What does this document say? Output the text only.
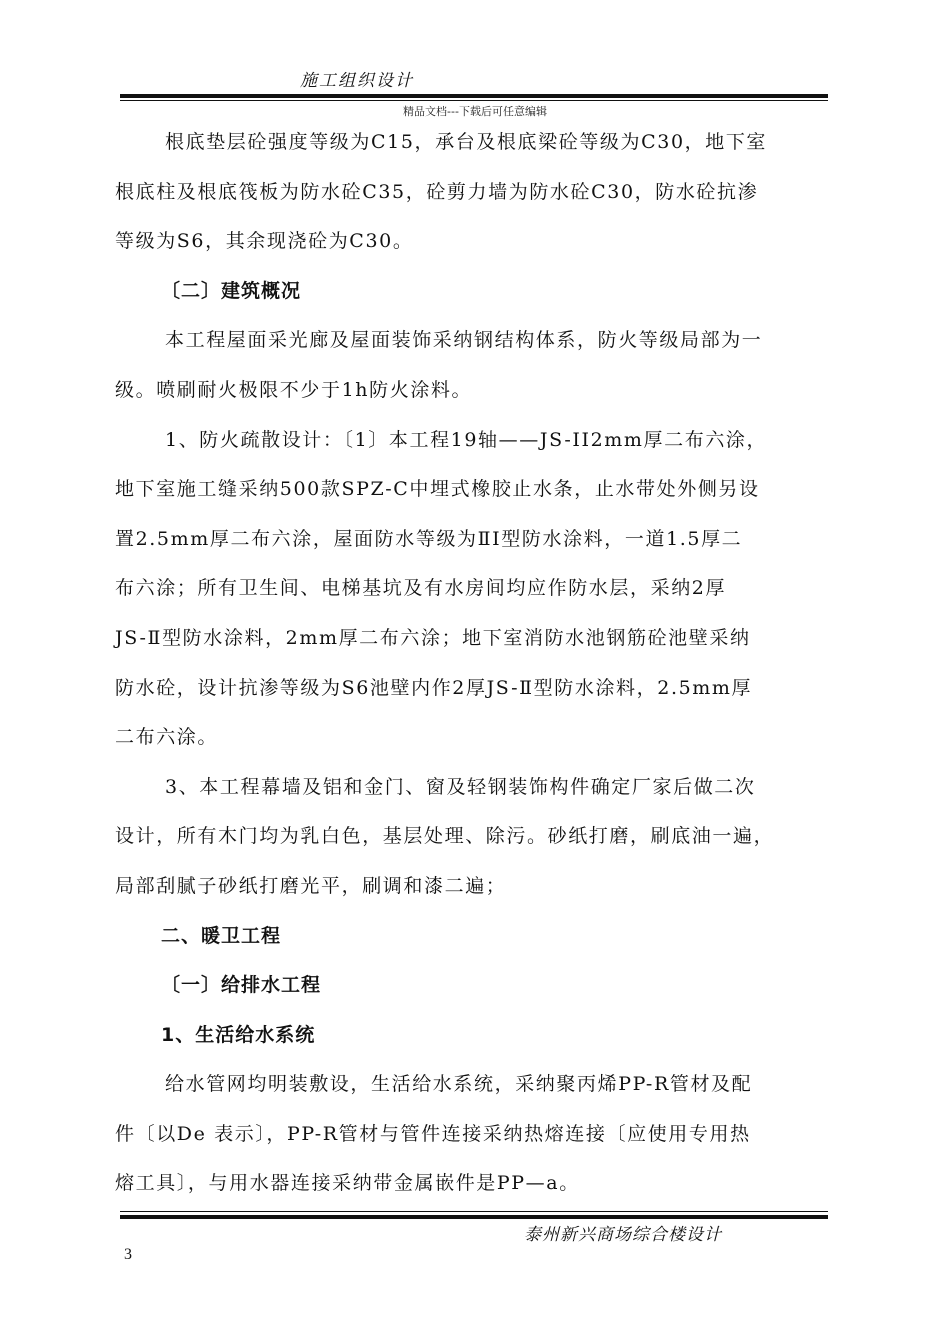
施工组织设计
精品文档---下载后可任意编辑
根底垫层砼强度等级为C15，承台及根底梁砼等级为C30，地下室
根底柱及根底筏板为防水砼C35，砼剪力墙为防水砼C30，防水砼抗渗
等级为S6，其余现浇砼为C30。
〔二〕建筑概况
本工程屋面采光廊及屋面装饰采纳钢结构体系，防火等级局部为一
级。喷刷耐火极限不少于1h防火涂料。
1、防火疏散设计：〔1〕本工程19轴——JS-II2mm厚二布六涂，
地下室施工缝采纳500款SPZ-C中埋式橡胶止水条，止水带处外侧另设
置2.5mm厚二布六涂，屋面防水等级为ⅡⅠ型防水涂料，一道1.5厚二
布六涂；所有卫生间、电梯基坑及有水房间均应作防水层，采纳2厚
JS-Ⅱ型防水涂料，2mm厚二布六涂；地下室消防水池钢筋砼池壁采纳
防水砼，设计抗渗等级为S6池壁内作2厚JS-Ⅱ型防水涂料，2.5mm厚
二布六涂。
3、本工程幕墙及铝和金门、窗及轻钢装饰构件确定厂家后做二次
设计，所有木门均为乳白色，基层处理、除污。砂纸打磨，刷底油一遍，
局部刮腻子砂纸打磨光平，刷调和漆二遍；
二、暖卫工程
〔一〕给排水工程
1、生活给水系统
给水管网均明装敷设，生活给水系统，采纳聚丙烯PP-R管材及配
件〔以De 表示〕，PP-R管材与管件连接采纳热熔连接〔应使用专用热
熔工具〕，与用水器连接采纳带金属嵌件是PP—a。
泰州新兴商场综合楼设计
3
